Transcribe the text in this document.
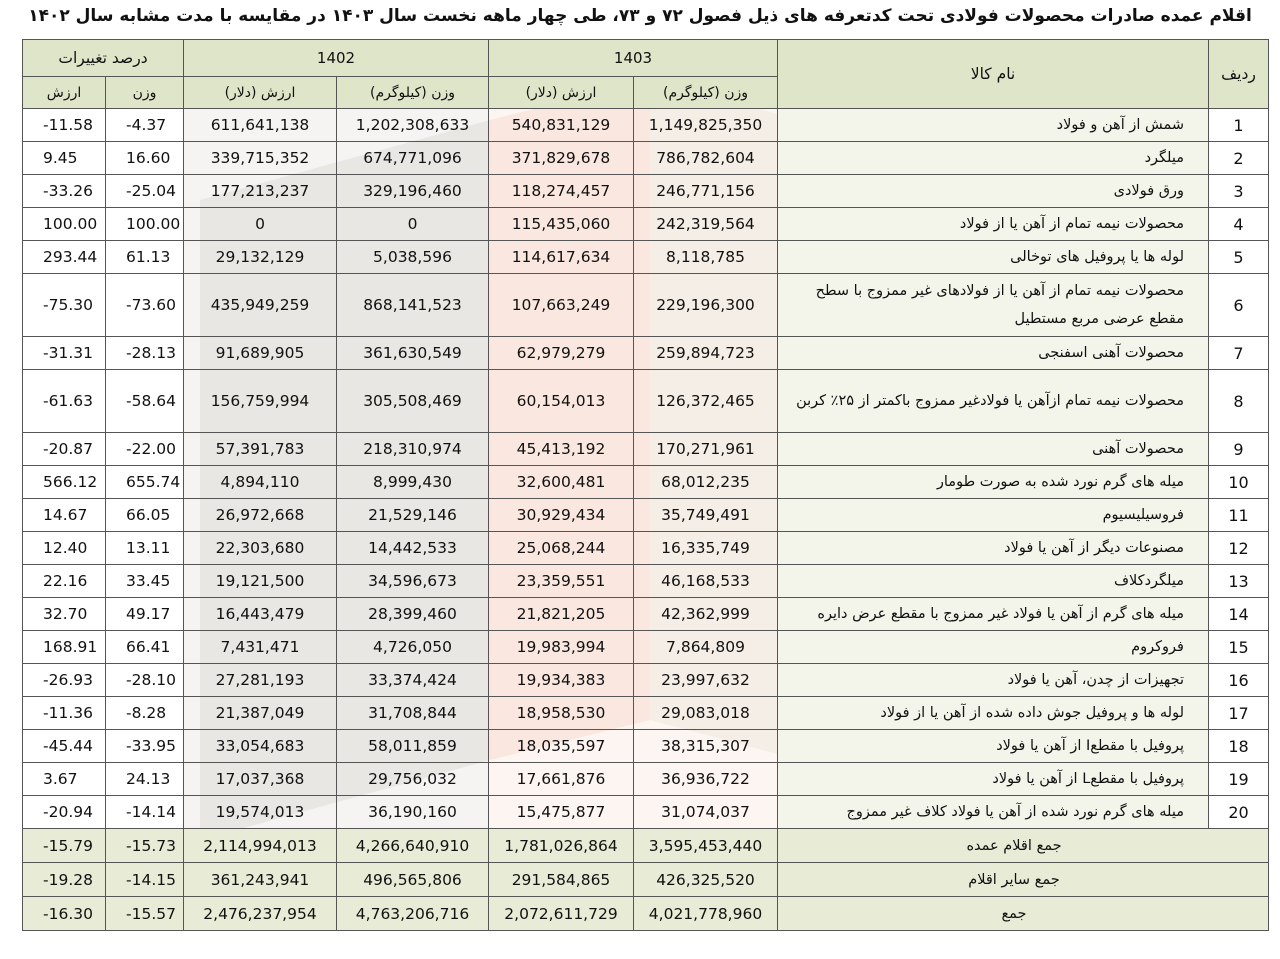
اقلام عمده صادرات محصولات فولادی تحت کدتعرفه های ذیل فصول ۷۲ و ۷۳، طی چهار ماهه نخست سال ۱۴۰۳ در مقایسه با مدت مشابه سال ۱۴۰۲
درصد تغییرات		1402		1403		نام کالا	ردیف
ارزش	وزن	ارزش (دلار)	وزن (کیلوگرم)	ارزش (دلار)	وزن (کیلوگرم)		
-11.58	-4.37	611,641,138	1,202,308,633	540,831,129	1,149,825,350	شمش از آهن و فولاد	1
9.45	16.60	339,715,352	674,771,096	371,829,678	786,782,604	میلگرد	2
-33.26	-25.04	177,213,237	329,196,460	118,274,457	246,771,156	ورق فولادی	3
100.00	100.00	0	0	115,435,060	242,319,564	محصولات نیمه تمام از آهن یا از فولاد	4
293.44	61.13	29,132,129	5,038,596	114,617,634	8,118,785	لوله ها یا پروفیل های توخالی	5
-75.30	-73.60	435,949,259	868,141,523	107,663,249	229,196,300	محصولات نیمه تمام از آهن یا از فولادهای غیر ممزوج با سطح مقطع عرضی مربع مستطیل	6
-31.31	-28.13	91,689,905	361,630,549	62,979,279	259,894,723	محصولات آهنی اسفنجی	7
-61.63	-58.64	156,759,994	305,508,469	60,154,013	126,372,465	محصولات نیمه تمام ازآهن یا فولادغیر ممزوج باکمتر از ۲۵٪ کربن	8
-20.87	-22.00	57,391,783	218,310,974	45,413,192	170,271,961	محصولات آهنی	9
566.12	655.74	4,894,110	8,999,430	32,600,481	68,012,235	میله های گرم نورد شده به صورت طومار	10
14.67	66.05	26,972,668	21,529,146	30,929,434	35,749,491	فروسیلیسیوم	11
12.40	13.11	22,303,680	14,442,533	25,068,244	16,335,749	مصنوعات دیگر از آهن یا فولاد	12
22.16	33.45	19,121,500	34,596,673	23,359,551	46,168,533	میلگردکلاف	13
32.70	49.17	16,443,479	28,399,460	21,821,205	42,362,999	میله های گرم از آهن یا فولاد غیر ممزوج با مقطع عرض دایره	14
168.91	66.41	7,431,471	4,726,050	19,983,994	7,864,809	فروکروم	15
-26.93	-28.10	27,281,193	33,374,424	19,934,383	23,997,632	تجهیزات از چدن، آهن یا فولاد	16
-11.36	-8.28	21,387,049	31,708,844	18,958,530	29,083,018	لوله ها و پروفیل جوش داده شده از آهن یا از فولاد	17
-45.44	-33.95	33,054,683	58,011,859	18,035,597	38,315,307	پروفیل با مقطعI از آهن یا فولاد	18
3.67	24.13	17,037,368	29,756,032	17,661,876	36,936,722	پروفیل با مقطعL از آهن یا فولاد	19
-20.94	-14.14	19,574,013	36,190,160	15,475,877	31,074,037	میله های گرم نورد شده از آهن یا فولاد کلاف غیر ممزوج	20
-15.79	-15.73	2,114,994,013	4,266,640,910	1,781,026,864	3,595,453,440	جمع اقلام عمده	
-19.28	-14.15	361,243,941	496,565,806	291,584,865	426,325,520	جمع سایر اقلام	
-16.30	-15.57	2,476,237,954	4,763,206,716	2,072,611,729	4,021,778,960	جمع	
